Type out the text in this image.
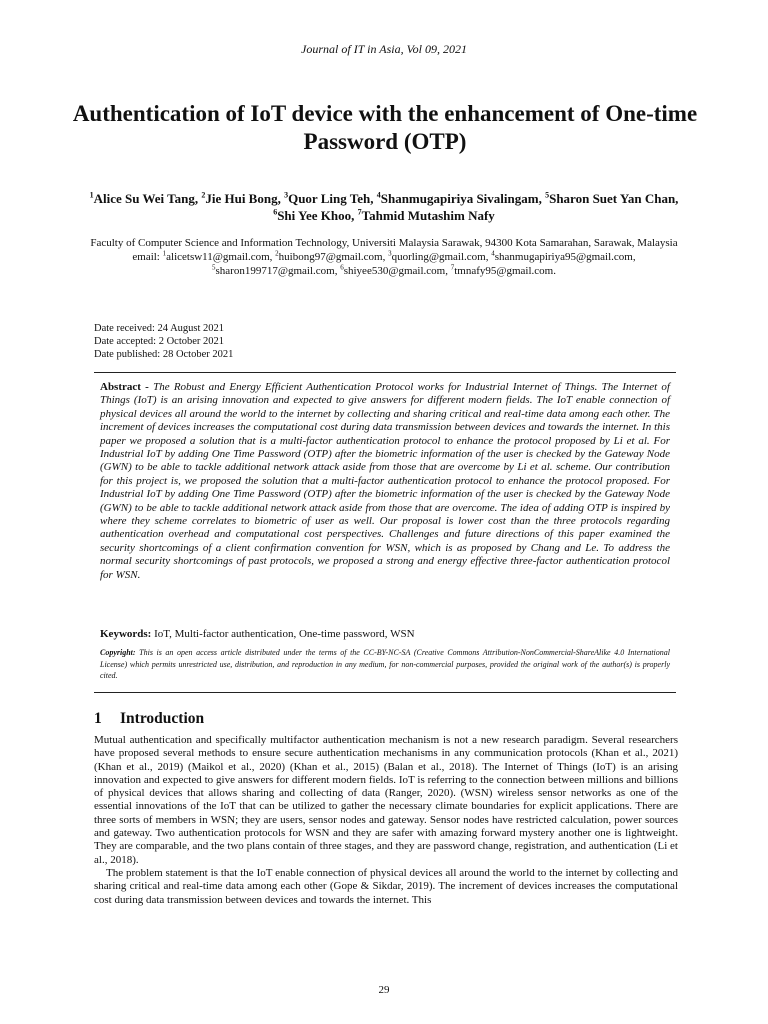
Journal of IT in Asia, Vol 09, 2021
Authentication of IoT device with the enhancement of One-time Password (OTP)
$^1$Alice Su Wei Tang, $^2$Jie Hui Bong, $^3$Quor Ling Teh, $^4$Shanmugapiriya Sivalingam, $^5$Sharon Suet Yan Chan, $^6$Shi Yee Khoo, $^7$Tahmid Mutashim Nafy
Faculty of Computer Science and Information Technology, Universiti Malaysia Sarawak, 94300 Kota Samarahan, Sarawak, Malaysia
email: $^1$alicetsw11@gmail.com, $^2$huibong97@gmail.com, $^3$quorling@gmail.com, $^4$shanmugapiriya95@gmail.com, $^5$sharon199717@gmail.com, $^6$shiyee530@gmail.com, $^7$tmnafy95@gmail.com.
Date received: 24 August 2021
Date accepted: 2 October 2021
Date published: 28 October 2021
Abstract - The Robust and Energy Efficient Authentication Protocol works for Industrial Internet of Things. The Internet of Things (IoT) is an arising innovation and expected to give answers for different modern fields. The IoT enable connection of physical devices all around the world to the internet by collecting and sharing critical and real-time data among each other. The increment of devices increases the computational cost during data transmission between devices and towards the internet. In this paper we proposed a solution that is a multi-factor authentication protocol to enhance the protocol proposed by Li et al. For Industrial IoT by adding One Time Password (OTP) after the biometric information of the user is checked by the Gateway Node (GWN) to be able to tackle additional network attack aside from those that are overcome by Li et al. scheme. Our contribution for this project is, we proposed the solution that a multi-factor authentication protocol to enhance the protocol proposed. For Industrial IoT by adding One Time Password (OTP) after the biometric information of the user is checked by the Gateway Node (GWN) to be able to tackle additional network attack aside from those that are overcome. The idea of adding OTP is inspired by where they scheme correlates to biometric of user as well. Our proposal is lower cost than the three protocols regarding authentication overhead and computational cost perspectives. Challenges and future directions of this paper examined the security shortcomings of a client confirmation convention for WSN, which is as proposed by Chang and Le. To address the normal security shortcomings of past protocols, we proposed a strong and energy effective three-factor authentication protocol for WSN.
Keywords: IoT, Multi-factor authentication, One-time password, WSN
Copyright: This is an open access article distributed under the terms of the CC-BY-NC-SA (Creative Commons Attribution-NonCommercial-ShareAlike 4.0 International License) which permits unrestricted use, distribution, and reproduction in any medium, for non-commercial purposes, provided the original work of the author(s) is properly cited.
1 Introduction

Mutual authentication and specifically multifactor authentication mechanism is not a new research paradigm. Several researchers have proposed several methods to ensure secure authentication mechanisms in any communication protocols (Khan et al., 2021) (Khan et al., 2019) (Maikol et al., 2020) (Khan et al., 2015) (Balan et al., 2018). The Internet of Things (IoT) is an arising innovation and expected to give answers for different modern fields. IoT is referring to the connection between millions and billions of physical devices that allows sharing and collecting of data (Ranger, 2020). (WSN) wireless sensor networks as one of the essential innovations of the IoT that can be utilized to gather the necessary climate boundaries for explicit applications. There are three sorts of members in WSN; they are users, sensor nodes and gateway. Sensor nodes have restricted calculation, power sources and gateway. Two authentication protocols for WSN and they are safer with amazing forward mystery another one is lightweight. They are comparable, and the two plans contain of three stages, and they are password change, registration, and authentication (Li et al., 2018).

The problem statement is that the IoT enable connection of physical devices all around the world to the internet by collecting and sharing critical and real-time data among each other (Gope & Sikdar, 2019). The increment of devices increases the computational cost during data transmission between devices and towards the internet. This

29
